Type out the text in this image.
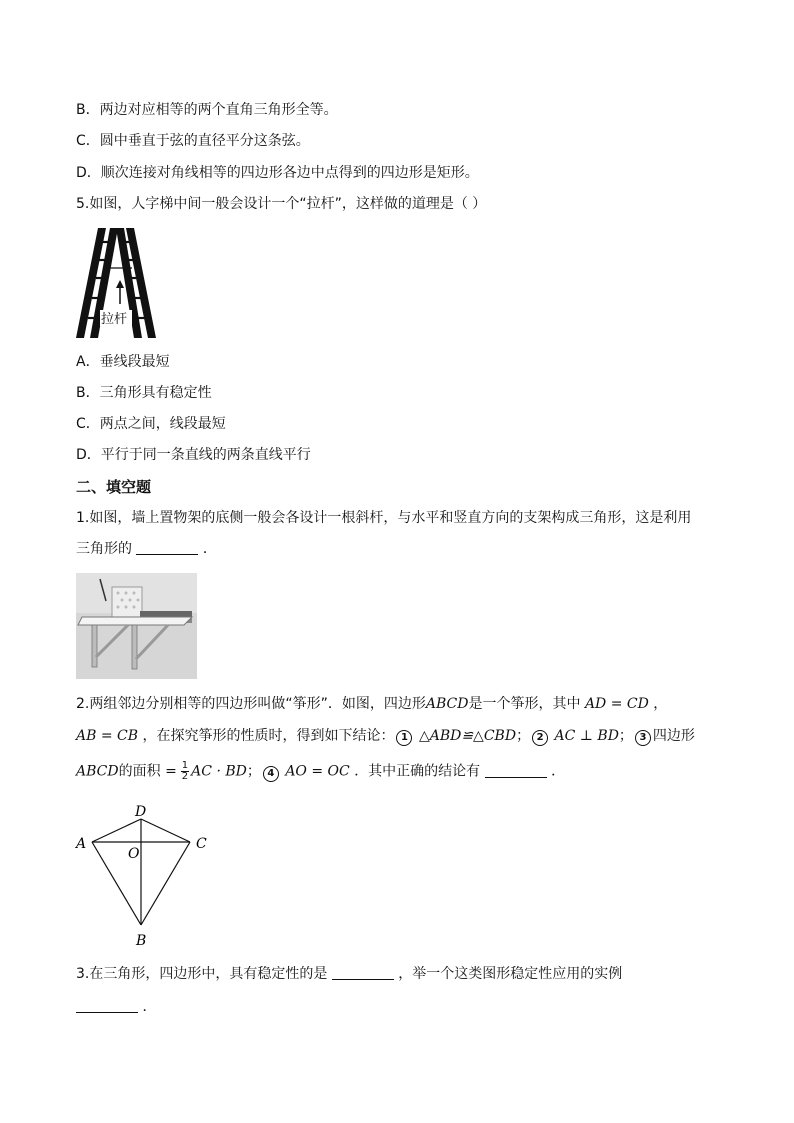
B．两边对应相等的两个直角三角形全等。
C．圆中垂直于弦的直径平分这条弦。
D．顺次连接对角线相等的四边形各边中点得到的四边形是矩形。
5.如图，人字梯中间一般会设计一个“拉杆”，这样做的道理是（ ）
拉杆
A．垂线段最短
B．三角形具有稳定性
C．两点之间，线段最短
D．平行于同一条直线的两条直线平行
二、填空题
1.如图，墙上置物架的底侧一般会各设计一根斜杆，与水平和竖直方向的支架构成三角形，这是利用
三角形的	．
2.两组邻边分别相等的四边形叫做“筝形”．如图，四边形ABCD是一个筝形，其中 AD = CD ，
AB = CB ，在探究筝形的性质时，得到如下结论： 1 △ABD≌△CBD； 2 AC ⊥ BD； 3 四边形
ABCD的面积 = $\frac{1}{2}$ AC · BD； 4 AO = OC ．其中正确的结论有	．
D
A	C
O
B
3.在三角形，四边形中，具有稳定性的是	，举一个这类图形稳定性应用的实例
．
